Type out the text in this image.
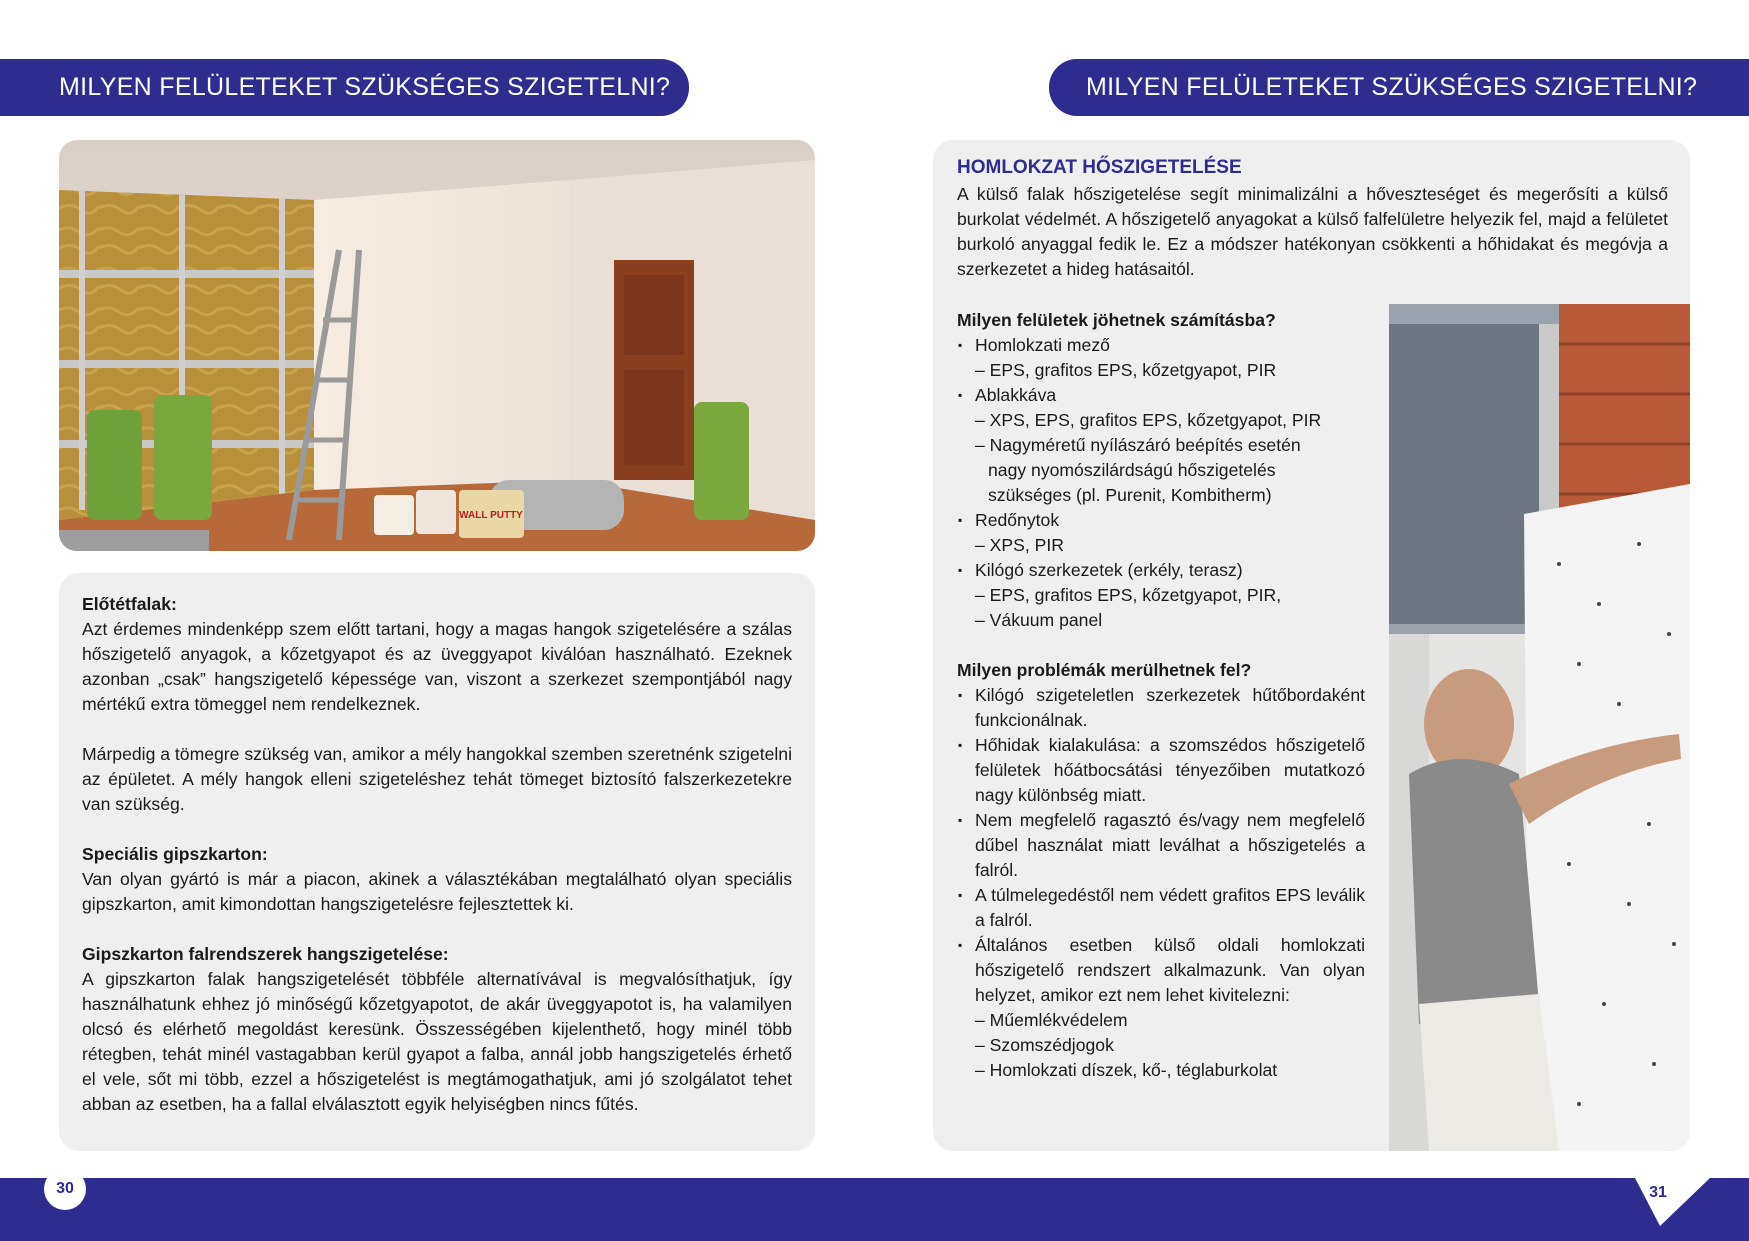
MILYEN FELÜLETEKET SZÜKSÉGES SZIGETELNI?	MILYEN FELÜLETEKET SZÜKSÉGES SZIGETELNI?
WALL PUTTY

Előtétfalak:

Azt érdemes mindenképp szem előtt tartani, hogy a magas hangok szigetelésére a szálas hőszigetelő anyagok, a kőzetgyapot és az üveggyapot kiválóan használható. Ezeknek azonban „csak” hangszigetelő képessége van, viszont a szerkezet szempontjából nagy mértékű extra tömeggel nem rendelkeznek.

Márpedig a tömegre szükség van, amikor a mély hangokkal szemben szeretnénk szigetelni az épületet. A mély hangok elleni szigeteléshez tehát tömeget biztosító falszerkezetekre van szükség.

Speciális gipszkarton:

Van olyan gyártó is már a piacon, akinek a választékában megtalálható olyan speciális gipszkarton, amit kimondottan hangszigetelésre fejlesztettek ki.

Gipszkarton falrendszerek hangszigetelése:

A gipszkarton falak hangszigetelését többféle alternatívával is megvalósíthatjuk, így használhatunk ehhez jó minőségű kőzetgyapotot, de akár üveggyapotot is, ha valamilyen olcsó és elérhető megoldást keresünk. Összességében kijelenthető, hogy minél több rétegben, tehát minél vastagabban kerül gyapot a falba, annál jobb hangszigetelés érhető el vele, sőt mi több, ezzel a hőszigetelést is megtámogathatjuk, ami jó szolgálatot tehet abban az esetben, ha a fallal elválasztott egyik helyiségben nincs fűtés.

HOMLOKZAT HŐSZIGETELÉSE

A külső falak hőszigetelése segít minimalizálni a hőveszteséget és megerősíti a külső burkolat védelmét. A hőszigetelő anyagokat a külső falfelületre helyezik fel, majd a felületet burkoló anyaggal fedik le. Ez a módszer hatékonyan csökkenti a hőhidakat és megóvja a szerkezetet a hideg hatásaitól.

Milyen felületek jöhetnek számításba?

▪ Homlokzati mező
– EPS, grafitos EPS, kőzetgyapot, PIR
▪ Ablakkáva
– XPS, EPS, grafitos EPS, kőzetgyapot, PIR
– Nagyméretű nyílászáró beépítés esetén
nagy nyomószilárdságú hőszigetelés
szükséges (pl. Purenit, Kombitherm)
▪ Redőnytok
– XPS, PIR
▪ Kilógó szerkezetek (erkély, terasz)
– EPS, grafitos EPS, kőzetgyapot, PIR,
– Vákuum panel

Milyen problémák merülhetnek fel?

▪ Kilógó szigeteletlen szerkezetek hűtőbordaként funkcionálnak.
▪ Hőhidak kialakulása: a szomszédos hőszigetelő felületek hőátbocsátási tényezőiben mutatkozó nagy különbség miatt.
▪ Nem megfelelő ragasztó és/vagy nem megfelelő dűbel használat miatt leválhat a hőszigetelés a falról.
▪ A túlmelegedéstől nem védett grafitos EPS leválik a falról.
▪ Általános esetben külső oldali homlokzati hőszigetelő rendszert alkalmazunk. Van olyan helyzet, amikor ezt nem lehet kivitelezni:
– Műemlékvédelem
– Szomszédjogok
– Homlokzati díszek, kő-, téglaburkolat
30	31
